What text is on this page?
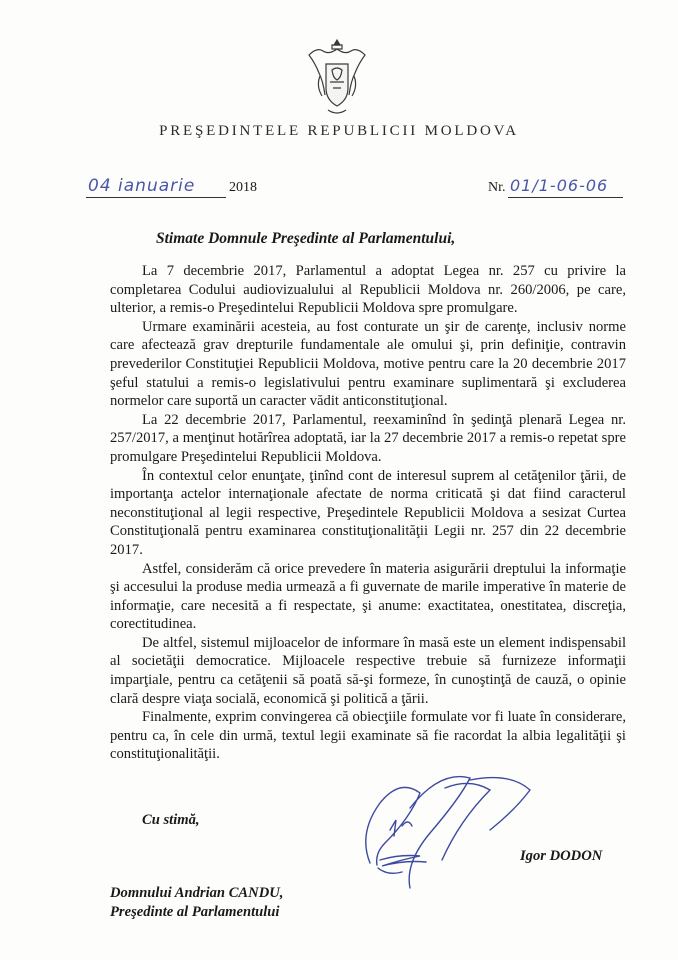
PREŞEDINTELE REPUBLICII MOLDOVA
04 ianuarie	2018	Nr. 01/1-06-06
Stimate Domnule Preşedinte al Parlamentului,

La 7 decembrie 2017, Parlamentul a adoptat Legea nr. 257 cu privire la completarea Codului audiovizualului al Republicii Moldova nr. 260/2006, pe care, ulterior, a remis-o Preşedintelui Republicii Moldova spre promulgare.

Urmare examinării acesteia, au fost conturate un şir de carenţe, inclusiv norme care afectează grav drepturile fundamentale ale omului şi, prin definiţie, contravin prevederilor Constituţiei Republicii Moldova, motive pentru care la 20 decembrie 2017 şeful statului a remis-o legislativului pentru examinare suplimentară şi excluderea normelor care suportă un caracter vădit anticonstituţional.

La 22 decembrie 2017, Parlamentul, reexaminînd în şedinţă plenară Legea nr. 257/2017, a menţinut hotărîrea adoptată, iar la 27 decembrie 2017 a remis-o repetat spre promulgare Preşedintelui Republicii Moldova.

În contextul celor enunţate, ţinînd cont de interesul suprem al cetăţenilor ţării, de importanţa actelor internaţionale afectate de norma criticată şi dat fiind caracterul neconstituţional al legii respective, Preşedintele Republicii Moldova a sesizat Curtea Constituţională pentru examinarea constituţionalităţii Legii nr. 257 din 22 decembrie 2017.

Astfel, considerăm că orice prevedere în materia asigurării dreptului la informaţie şi accesului la produse media urmează a fi guvernate de marile imperative în materie de informaţie, care necesită a fi respectate, şi anume: exactitatea, onestitatea, discreţia, corectitudinea.

De altfel, sistemul mijloacelor de informare în masă este un element indispensabil al societăţii democratice. Mijloacele respective trebuie să furnizeze informaţii imparţiale, pentru ca cetăţenii să poată să-şi formeze, în cunoştinţă de cauză, o opinie clară despre viaţa socială, economică şi politică a ţării.

Finalmente, exprim convingerea că obiecţiile formulate vor fi luate în considerare, pentru ca, în cele din urmă, textul legii examinate să fie racordat la albia legalităţii şi constituţionalităţii.

Cu stimă,
Igor DODON
Domnului Andrian CANDU,
Preşedinte al Parlamentului
